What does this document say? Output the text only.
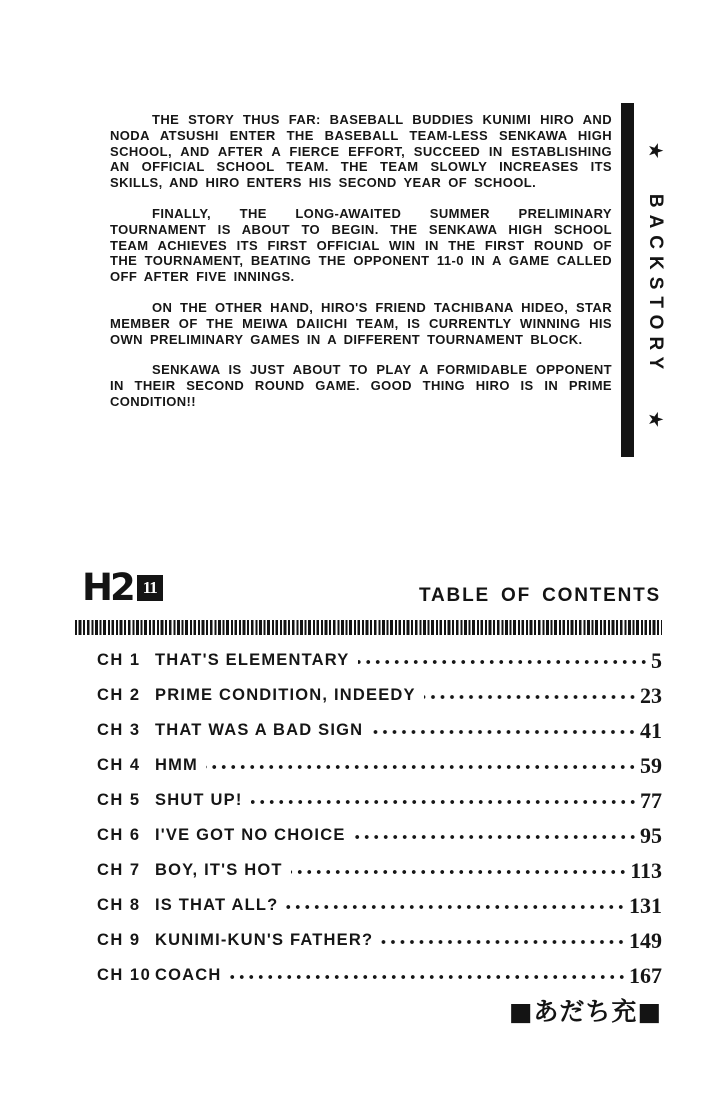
THE STORY THUS FAR: BASEBALL BUDDIES KUNIMI HIRO AND NODA ATSUSHI ENTER THE BASEBALL TEAM-LESS SENKAWA HIGH SCHOOL, AND AFTER A FIERCE EFFORT, SUCCEED IN ESTABLISHING AN OFFICIAL SCHOOL TEAM. THE TEAM SLOWLY INCREASES ITS SKILLS, AND HIRO ENTERS HIS SECOND YEAR OF SCHOOL.

FINALLY, THE LONG-AWAITED SUMMER PRELIMINARY TOURNAMENT IS ABOUT TO BEGIN. THE SENKAWA HIGH SCHOOL TEAM ACHIEVES ITS FIRST OFFICIAL WIN IN THE FIRST ROUND OF THE TOURNAMENT, BEATING THE OPPONENT 11-0 IN A GAME CALLED OFF AFTER FIVE INNINGS.

ON THE OTHER HAND, HIRO'S FRIEND TACHIBANA HIDEO, STAR MEMBER OF THE MEIWA DAIICHI TEAM, IS CURRENTLY WINNING HIS OWN PRELIMINARY GAMES IN A DIFFERENT TOURNAMENT BLOCK.

SENKAWA IS JUST ABOUT TO PLAY A FORMIDABLE OPPONENT IN THEIR SECOND ROUND GAME. GOOD THING HIRO IS IN PRIME CONDITION!!

★
BACKSTORY
★
H2 11	TABLE OF CONTENTS
CH 1 THAT'S ELEMENTARY	5
CH 2 PRIME CONDITION, INDEEDY	23
CH 3 THAT WAS A BAD SIGN	41
CH 4 HMM	59
CH 5 SHUT UP!	77
CH 6 I'VE GOT NO CHOICE	95
CH 7 BOY, IT'S HOT	113
CH 8 IS THAT ALL?	131
CH 9 KUNIMI-KUN'S FATHER?	149
CH 10 COACH	167
■あだち充■
